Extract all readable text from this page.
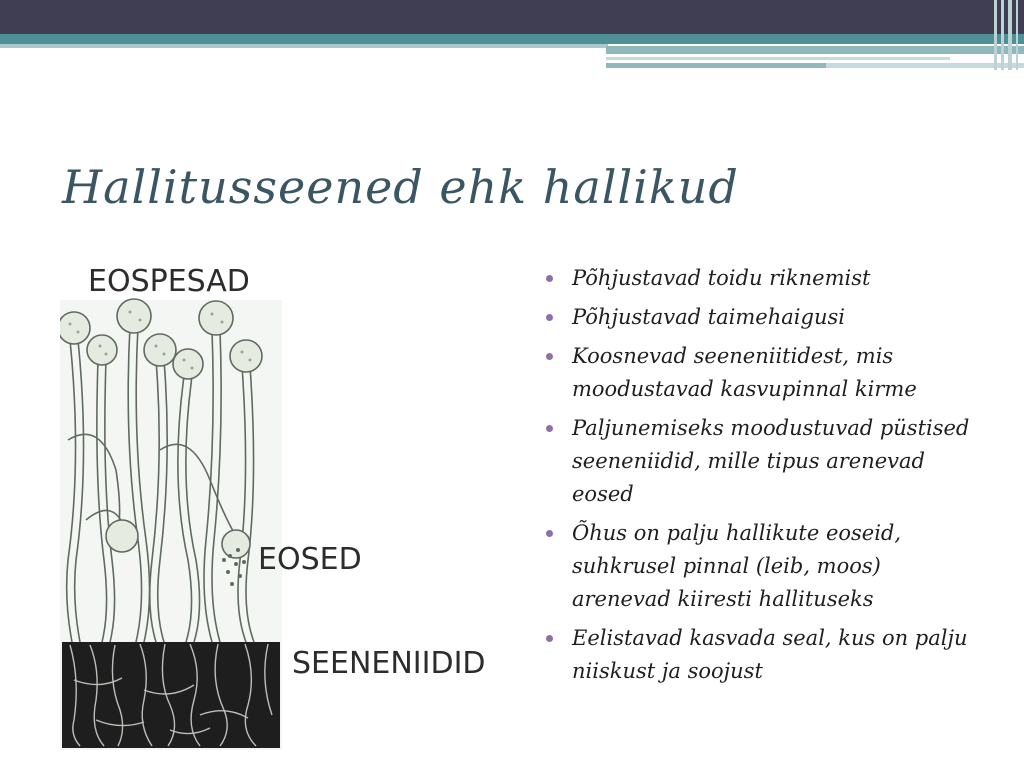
Hallitusseened ehk hallikud
EOSPESAD
EOSED
SEENENIIDID
Põhjustavad toidu riknemist
Põhjustavad taimehaigusi
Koosnevad seeneniitidest, mis moodustavad kasvupinnal kirme
Paljunemiseks moodustuvad püstised seeneniidid, mille tipus arenevad eosed
Õhus on palju hallikute eoseid, suhkrusel pinnal (leib, moos) arenevad kiiresti hallituseks
Eelistavad kasvada seal, kus on palju niiskust ja soojust
